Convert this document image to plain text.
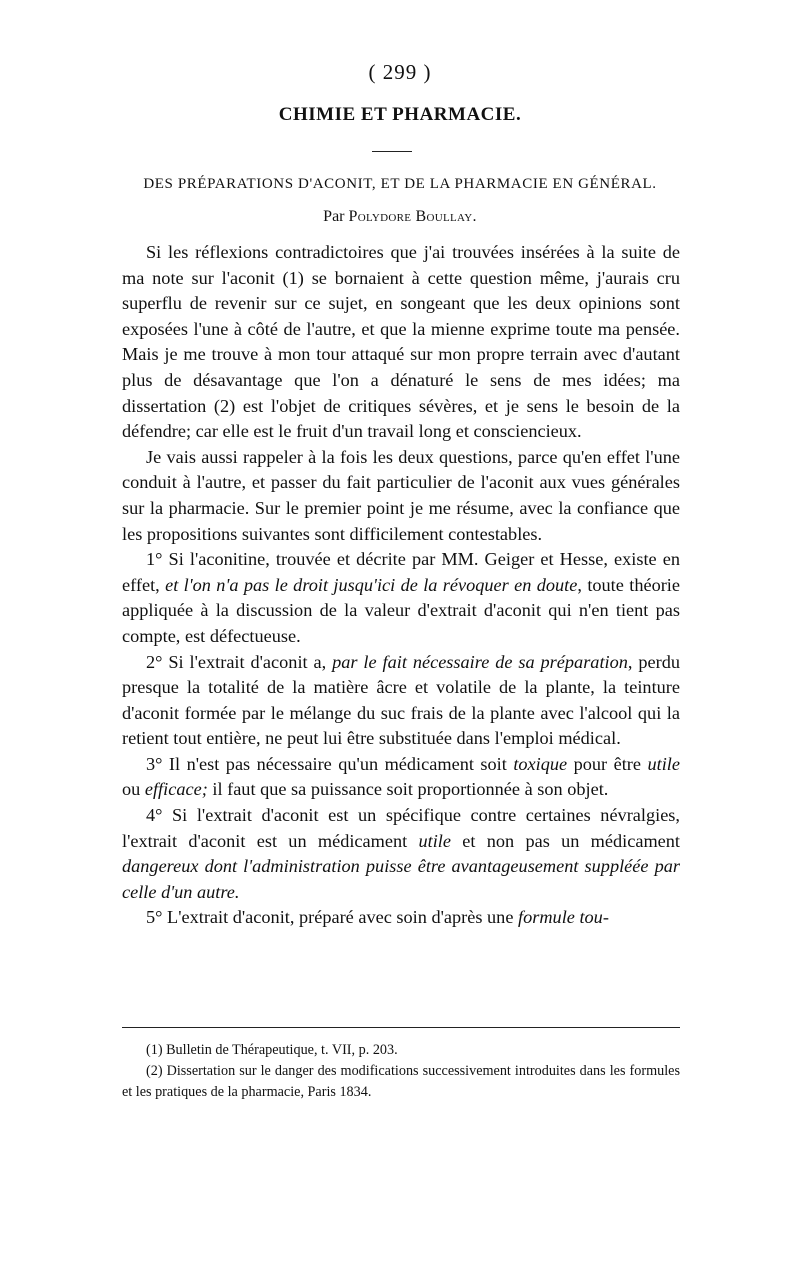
( 299 )
CHIMIE ET PHARMACIE.
DES PRÉPARATIONS D'ACONIT, ET DE LA PHARMACIE EN GÉNÉRAL.
Par Polydore Boullay.

Si les réflexions contradictoires que j'ai trouvées insérées à la suite de ma note sur l'aconit (1) se bornaient à cette question même, j'aurais cru superflu de revenir sur ce sujet, en songeant que les deux opinions sont exposées l'une à côté de l'autre, et que la mienne exprime toute ma pensée. Mais je me trouve à mon tour attaqué sur mon propre terrain avec d'autant plus de désavantage que l'on a dénaturé le sens de mes idées; ma dissertation (2) est l'objet de critiques sévères, et je sens le besoin de la défendre; car elle est le fruit d'un travail long et consciencieux.

Je vais aussi rappeler à la fois les deux questions, parce qu'en effet l'une conduit à l'autre, et passer du fait particulier de l'aconit aux vues générales sur la pharmacie. Sur le premier point je me résume, avec la confiance que les propositions suivantes sont difficilement contestables.

1° Si l'aconitine, trouvée et décrite par MM. Geiger et Hesse, existe en effet, et l'on n'a pas le droit jusqu'ici de la révoquer en doute, toute théorie appliquée à la discussion de la valeur d'extrait d'aconit qui n'en tient pas compte, est défectueuse.

2° Si l'extrait d'aconit a, par le fait nécessaire de sa préparation, perdu presque la totalité de la matière âcre et volatile de la plante, la teinture d'aconit formée par le mélange du suc frais de la plante avec l'alcool qui la retient tout entière, ne peut lui être substituée dans l'emploi médical.

3° Il n'est pas nécessaire qu'un médicament soit toxique pour être utile ou efficace; il faut que sa puissance soit proportionnée à son objet.

4° Si l'extrait d'aconit est un spécifique contre certaines névralgies, l'extrait d'aconit est un médicament utile et non pas un médicament dangereux dont l'administration puisse être avantageusement suppléée par celle d'un autre.

5° L'extrait d'aconit, préparé avec soin d'après une formule tou-

(1) Bulletin de Thérapeutique, t. VII, p. 203.

(2) Dissertation sur le danger des modifications successivement introduites dans les formules et les pratiques de la pharmacie, Paris 1834.
